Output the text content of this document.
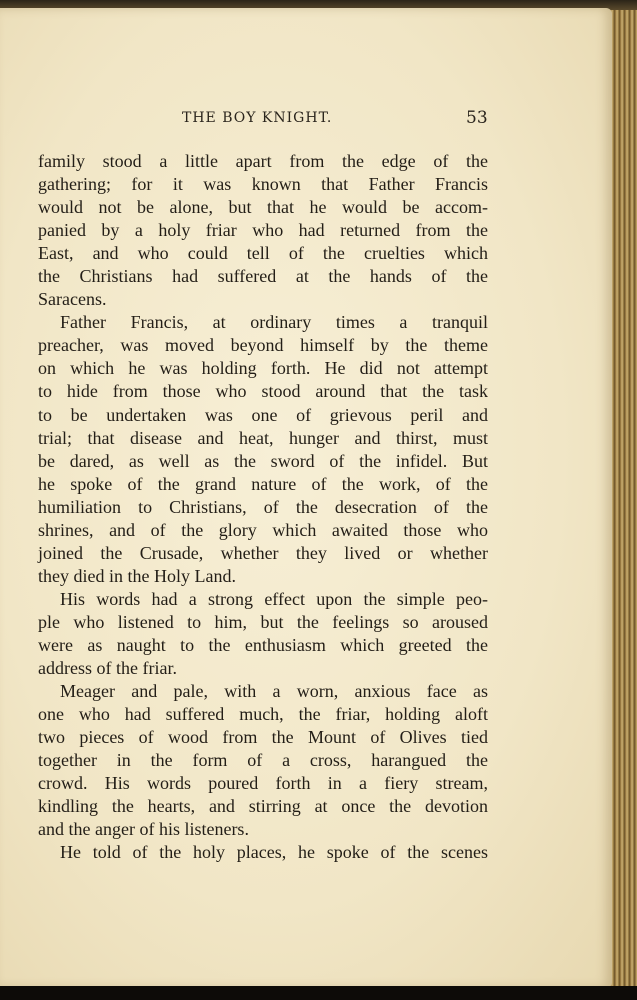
THE BOY KNIGHT.	53
family stood a little apart from the edge of the
gathering; for it was known that Father Francis
would not be alone, but that he would be accom-
panied by a holy friar who had returned from the
East, and who could tell of the cruelties which
the Christians had suffered at the hands of the
Saracens.
Father Francis, at ordinary times a tranquil
preacher, was moved beyond himself by the theme
on which he was holding forth. He did not attempt
to hide from those who stood around that the task
to be undertaken was one of grievous peril and
trial; that disease and heat, hunger and thirst, must
be dared, as well as the sword of the infidel. But
he spoke of the grand nature of the work, of the
humiliation to Christians, of the desecration of the
shrines, and of the glory which awaited those who
joined the Crusade, whether they lived or whether
they died in the Holy Land.
His words had a strong effect upon the simple peo-
ple who listened to him, but the feelings so aroused
were as naught to the enthusiasm which greeted the
address of the friar.
Meager and pale, with a worn, anxious face as
one who had suffered much, the friar, holding aloft
two pieces of wood from the Mount of Olives tied
together in the form of a cross, harangued the
crowd. His words poured forth in a fiery stream,
kindling the hearts, and stirring at once the devotion
and the anger of his listeners.
He told of the holy places, he spoke of the scenes
